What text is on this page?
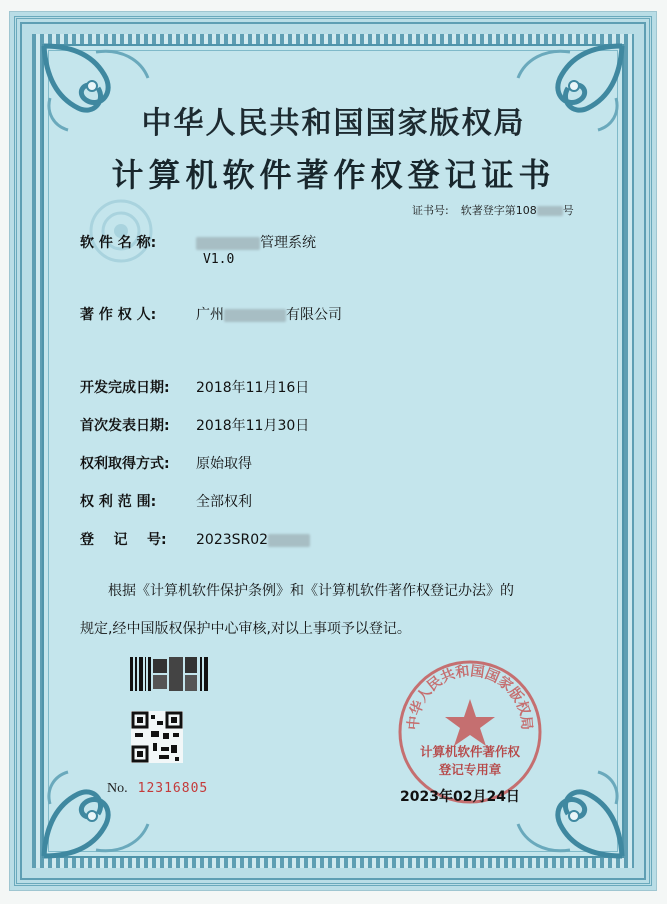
中华人民共和国国家版权局
计算机软件著作权登记证书
证书号: 软著登字第108 号
软 件 名 称:	管理系统
V1.0
著 作 权 人:	广州	有限公司
开发完成日期: 2018年11月16日
首次发表日期: 2018年11月30日
权利取得方式: 原始取得
权 利 范 围:	全部权利
登    记    号: 2023SR02
根据《计算机软件保护条例》和《计算机软件著作权登记办法》的
规定,经中国版权保护中心审核,对以上事项予以登记。
No. 12316805
中华人民共和国国家版权局
计算机软件著作权
登记专用章
2023年02月24日
